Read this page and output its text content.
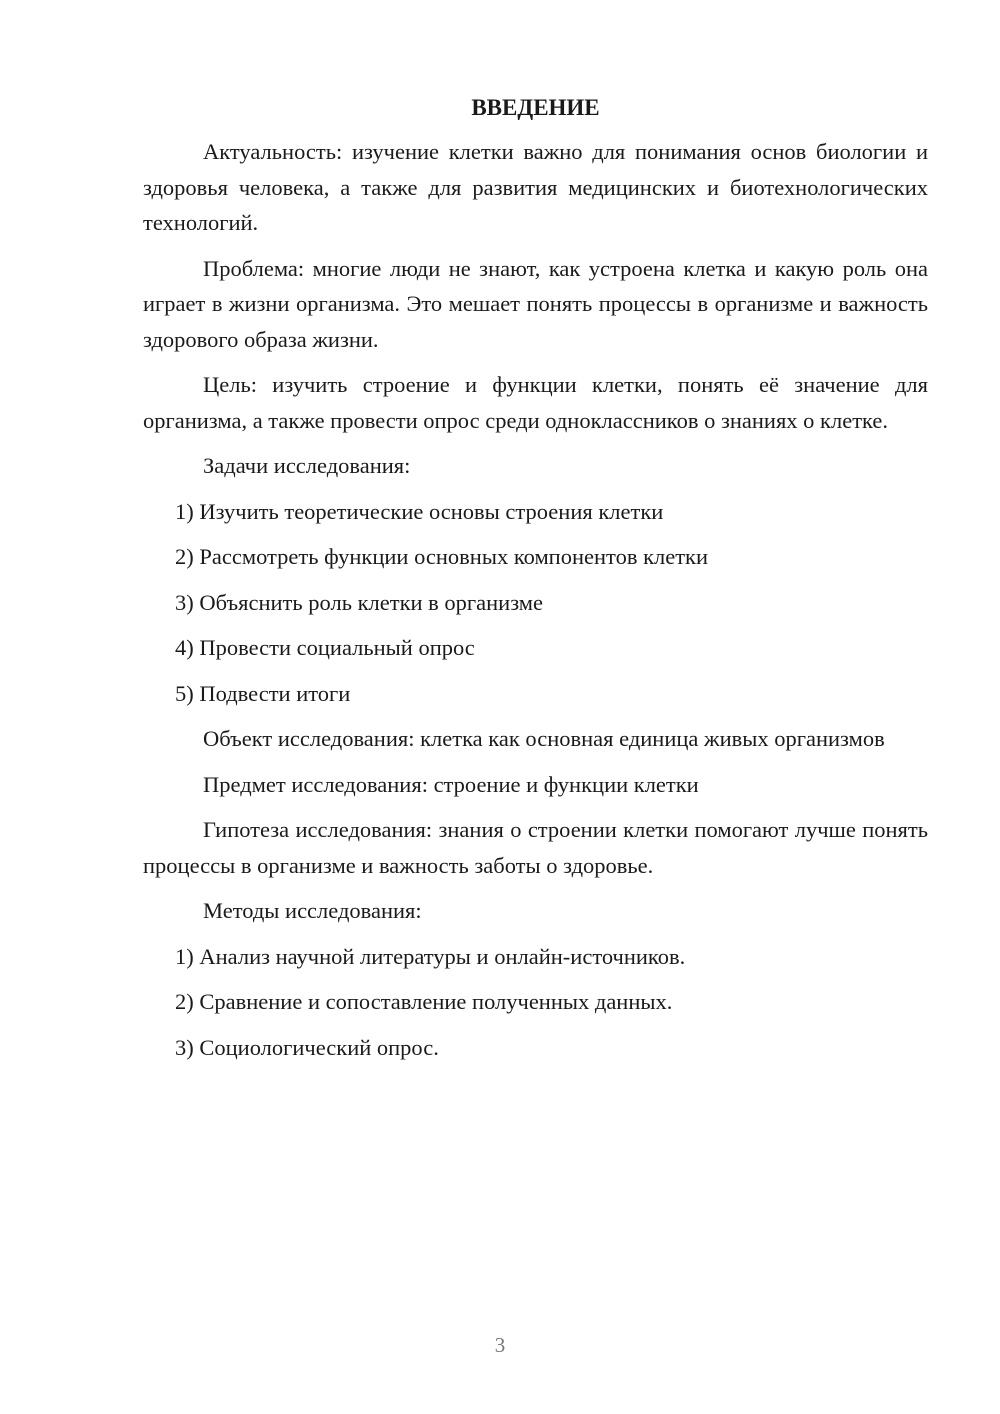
ВВЕДЕНИЕ

Актуальность: изучение клетки важно для понимания основ биологии и здоровья человека, а также для развития медицинских и биотехнологических технологий.

Проблема: многие люди не знают, как устроена клетка и какую роль она играет в жизни организма. Это мешает понять процессы в организме и важность здорового образа жизни.

Цель: изучить строение и функции клетки, понять её значение для организма, а также провести опрос среди одноклассников о знаниях о клетке.

Задачи исследования:

1) Изучить теоретические основы строения клетки
2) Рассмотреть функции основных компонентов клетки
3) Объяснить роль клетки в организме
4) Провести социальный опрос
5) Подвести итоги

Объект исследования: клетка как основная единица живых организмов

Предмет исследования: строение и функции клетки

Гипотеза исследования: знания о строении клетки помогают лучше понять процессы в организме и важность заботы о здоровье.

Методы исследования:

1) Анализ научной литературы и онлайн-источников.
2) Сравнение и сопоставление полученных данных.
3) Социологический опрос.
3
